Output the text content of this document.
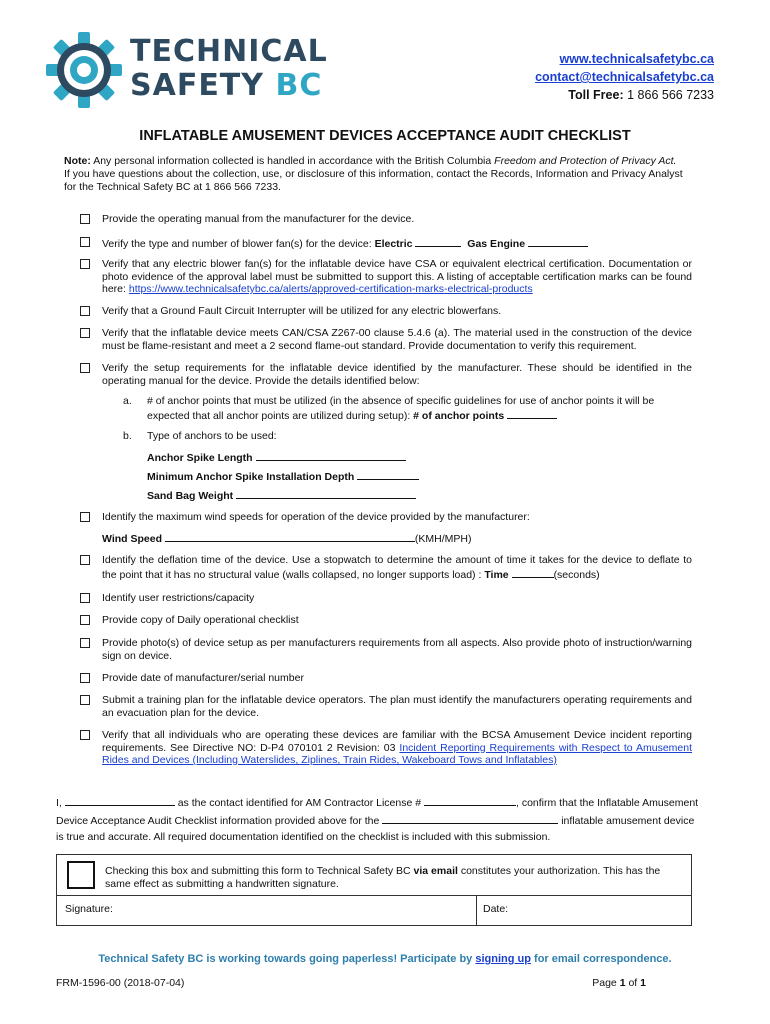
TECHNICAL
SAFETY BC
www.technicalsafetybc.ca
contact@technicalsafetybc.ca
Toll Free: 1 866 566 7233
INFLATABLE AMUSEMENT DEVICES ACCEPTANCE AUDIT CHECKLIST
Note: Any personal information collected is handled in accordance with the British Columbia Freedom and Protection of Privacy Act.  If you have questions about the collection, use, or disclosure of this information, contact the Records, Information and Privacy Analyst for the Technical Safety BC at 1 866 566 7233.
Provide the operating manual from the manufacturer for the device.
Verify the type and number of blower fan(s) for the device: Electric	Gas Engine
Verify that any electric blower fan(s) for the inflatable device have CSA or equivalent electrical certification. Documentation or photo evidence of the approval label must be submitted to support this. A listing of acceptable certification marks can be found here: https://www.technicalsafetybc.ca/alerts/approved-certification-marks-electrical-products
Verify that a Ground Fault Circuit Interrupter will be utilized for any electric blowerfans.
Verify that the inflatable device meets CAN/CSA Z267-00 clause 5.4.6 (a). The material used in the construction of the device must be flame-resistant and meet a 2 second flame-out standard. Provide documentation to verify this requirement.
Verify the setup requirements for the inflatable device identified by the manufacturer. These should be identified in the operating manual for the device. Provide the details identified below:
a.	# of anchor points that must be utilized (in the absence of specific guidelines for use of anchor points it will be expected that all anchor points are utilized during setup): # of anchor points
b.	Type of anchors to be used:
Anchor Spike Length
Minimum Anchor Spike Installation Depth
Sand Bag Weight
Identify the maximum wind speeds for operation of the device provided by the manufacturer:
Wind Speed	(KMH/MPH)
Identify the deflation time of the device. Use a stopwatch to determine the amount of time it takes for the device to deflate to the point that it has no structural value (walls collapsed, no longer supports load) : Time	(seconds)
Identify user restrictions/capacity
Provide copy of Daily operational checklist
Provide photo(s) of device setup as per manufacturers requirements from all aspects. Also provide photo of instruction/warning sign on device.
Provide date of manufacturer/serial number
Submit a training plan for the inflatable device operators. The plan must identify the manufacturers operating requirements and an evacuation plan for the device.
Verify that all individuals who are operating these devices are familiar with the BCSA Amusement Device incident reporting requirements. See Directive NO: D-P4 070101 2 Revision: 03 Incident Reporting Requirements with Respect to Amusement Rides and Devices (Including Waterslides, Ziplines, Train Rides, Wakeboard Tows and Inflatables)
I,	as the contact identified for AM Contractor License #	, confirm that the Inflatable Amusement
Device Acceptance Audit Checklist information provided above for the	inflatable amusement device
is true and accurate. All required documentation identified on the checklist is included with this submission.
Checking this box and submitting this form to Technical Safety BC via email constitutes your authorization. This has the same effect as submitting a handwritten signature.
Signature:	Date:
Technical Safety BC is working towards going paperless! Participate by signing up for email correspondence.
FRM-1596-00 (2018-07-04)	Page 1 of 1
